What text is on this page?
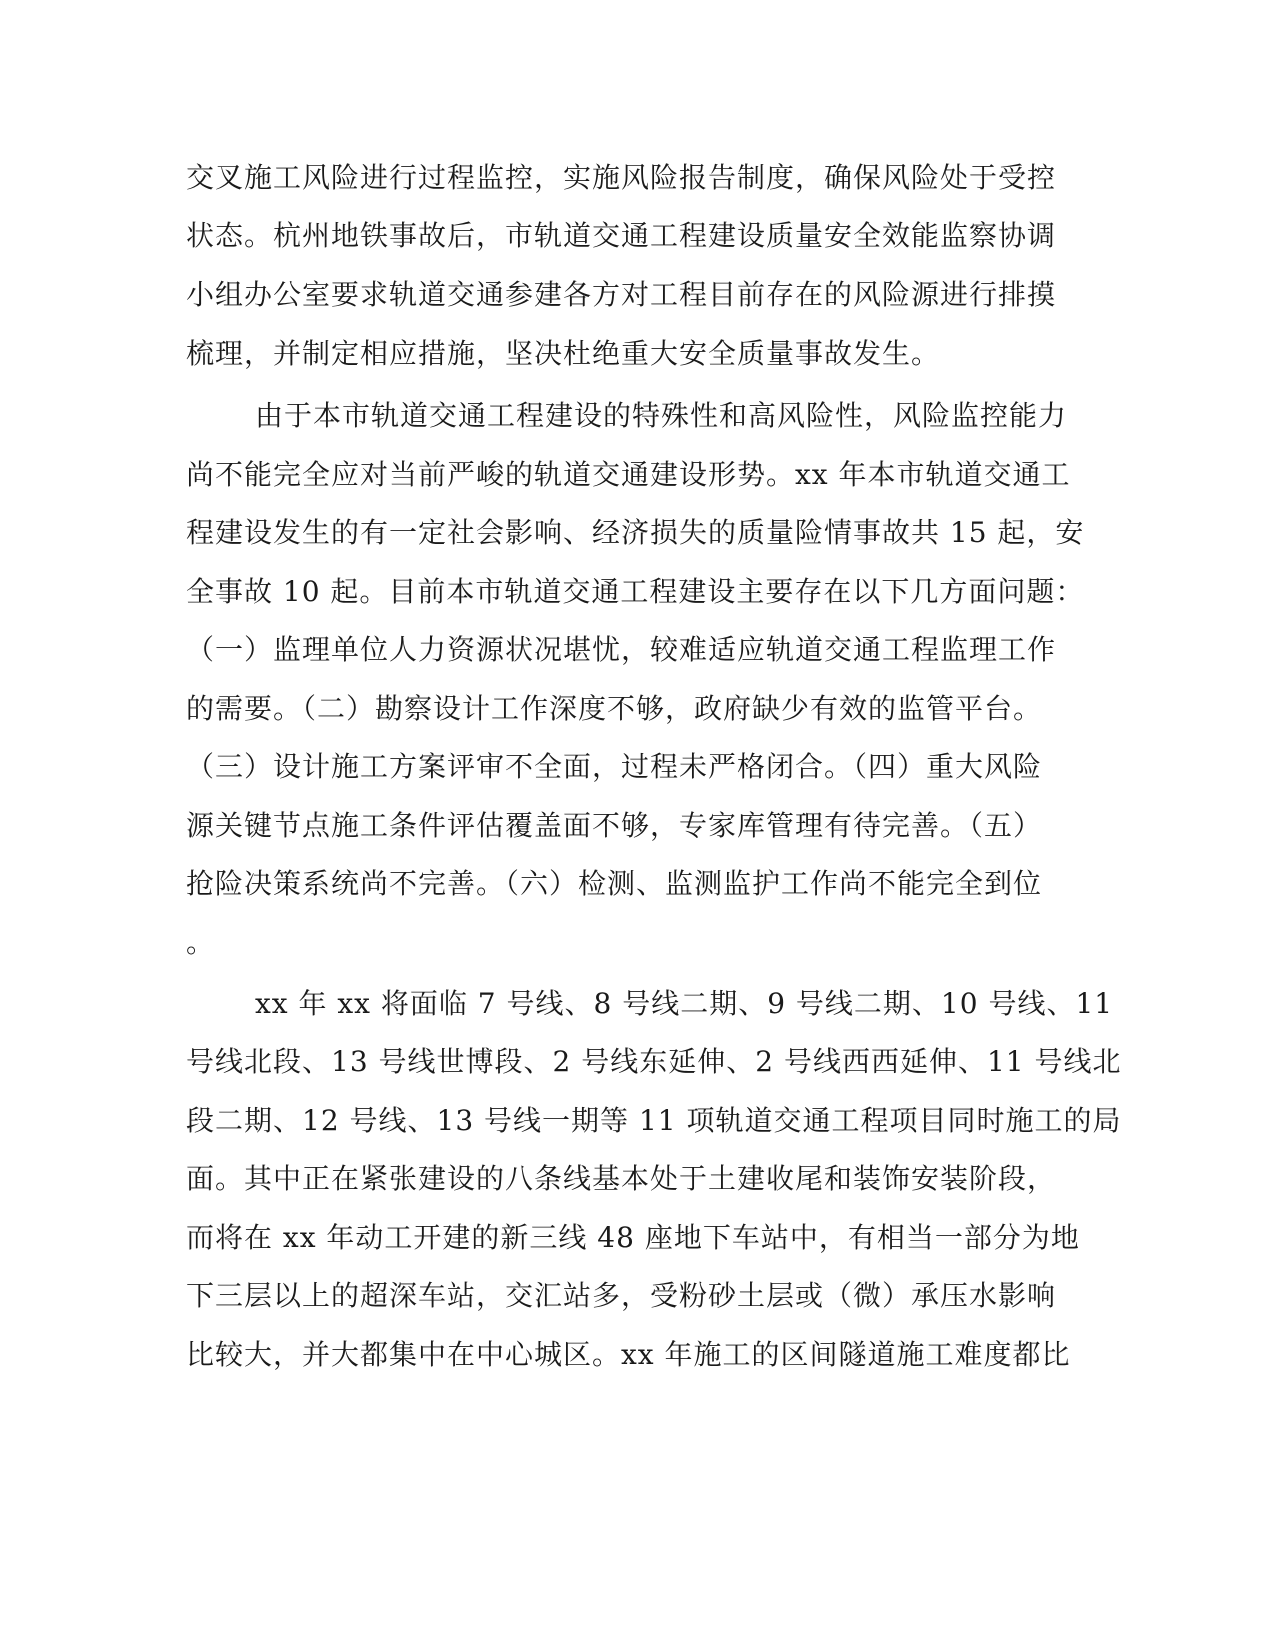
交叉施工风险进行过程监控，实施风险报告制度，确保风险处于受控
状态。杭州地铁事故后，市轨道交通工程建设质量安全效能监察协调
小组办公室要求轨道交通参建各方对工程目前存在的风险源进行排摸
梳理，并制定相应措施，坚决杜绝重大安全质量事故发生。
由于本市轨道交通工程建设的特殊性和高风险性，风险监控能力
尚不能完全应对当前严峻的轨道交通建设形势。xx 年本市轨道交通工
程建设发生的有一定社会影响、经济损失的质量险情事故共 15 起，安
全事故 10 起。目前本市轨道交通工程建设主要存在以下几方面问题：
（一）监理单位人力资源状况堪忧，较难适应轨道交通工程监理工作
的需要。（二）勘察设计工作深度不够，政府缺少有效的监管平台。
（三）设计施工方案评审不全面，过程未严格闭合。（四）重大风险
源关键节点施工条件评估覆盖面不够，专家库管理有待完善。（五）
抢险决策系统尚不完善。（六）检测、监测监护工作尚不能完全到位
。
xx 年 xx 将面临 7 号线、8 号线二期、9 号线二期、10 号线、11
号线北段、13 号线世博段、2 号线东延伸、2 号线西西延伸、11 号线北
段二期、12 号线、13 号线一期等 11 项轨道交通工程项目同时施工的局
面。其中正在紧张建设的八条线基本处于土建收尾和装饰安装阶段，
而将在 xx 年动工开建的新三线 48 座地下车站中，有相当一部分为地
下三层以上的超深车站，交汇站多，受粉砂土层或（微）承压水影响
比较大，并大都集中在中心城区。xx 年施工的区间隧道施工难度都比
